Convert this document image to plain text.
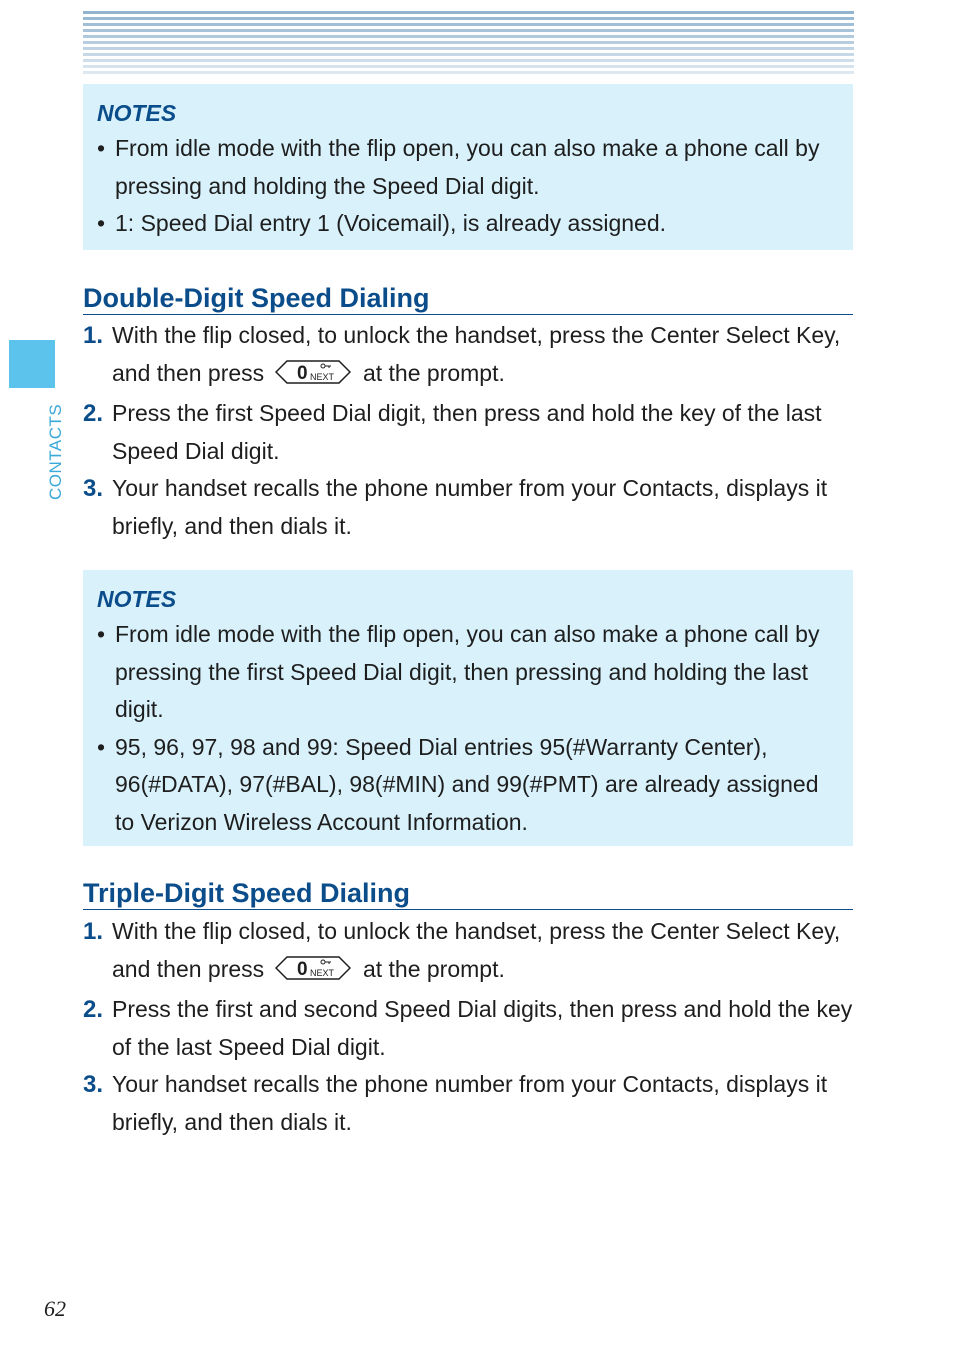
CONTACTS
NOTES
• From idle mode with the flip open, you can also make a phone call by pressing and holding the Speed Dial digit.
• 1: Speed Dial entry 1 (Voicemail), is already assigned.
Double-Digit Speed Dialing
1. With the flip closed, to unlock the handset, press the Center Select Key, and then press 0 NEXT at the prompt.
2. Press the first Speed Dial digit, then press and hold the key of the last Speed Dial digit.
3. Your handset recalls the phone number from your Contacts, displays it briefly, and then dials it.
NOTES
• From idle mode with the flip open, you can also make a phone call by pressing the first Speed Dial digit, then pressing and holding the last digit.
• 95, 96, 97, 98 and 99: Speed Dial entries 95(#Warranty Center), 96(#DATA), 97(#BAL), 98(#MIN) and 99(#PMT) are already assigned to Verizon Wireless Account Information.
Triple-Digit Speed Dialing
1. With the flip closed, to unlock the handset, press the Center Select Key, and then press 0 NEXT at the prompt.
2. Press the first and second Speed Dial digits, then press and hold the key of the last Speed Dial digit.
3. Your handset recalls the phone number from your Contacts, displays it briefly, and then dials it.
62
